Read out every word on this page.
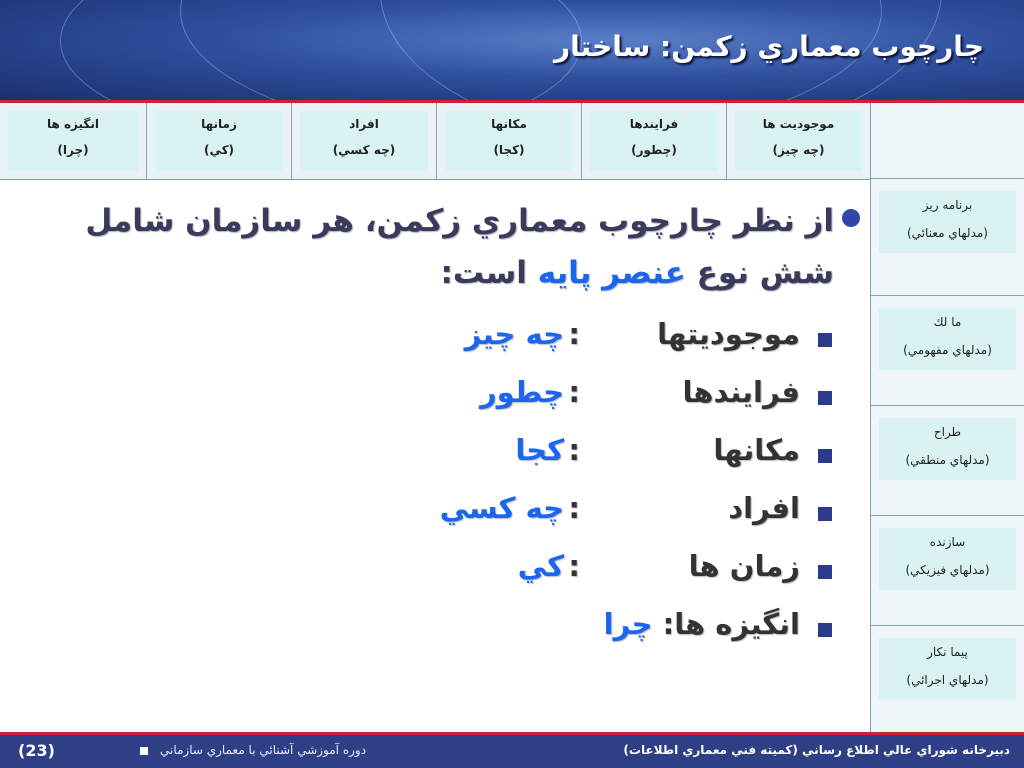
چارچوب معماري زكمن: ساختار
انگيزه ها
(چرا)
زمانها
(كي)
افراد
(چه كسي)
مكانها
(كجا)
فرايندها
(چطور)
موجوديت ها
(چه چيز)
برنامه ريز
(مدلهاي معنائي)
ما لك
(مدلهاي مفهومي)
طراح
(مدلهاي منطقي)
سازنده
(مدلهاي فيزيكي)
پيما نكار
(مدلهاي اجرائي)
از نظر چارچوب معماري زكمن، هر سازمان شامل
شش نوع عنصر پايه است:
موجوديتها
:
چه چيز
فرايندها
:
چطور
مكانها
:
كجا
افراد
:
چه كسي
زمان ها
:
كي
انگيزه ها: چرا
دبيرخانه شوراي عالي اطلاع رساني (كميته فني معماري اطلاعات)
دوره آموزشي آشنائي با معماري سازماني
(23)
